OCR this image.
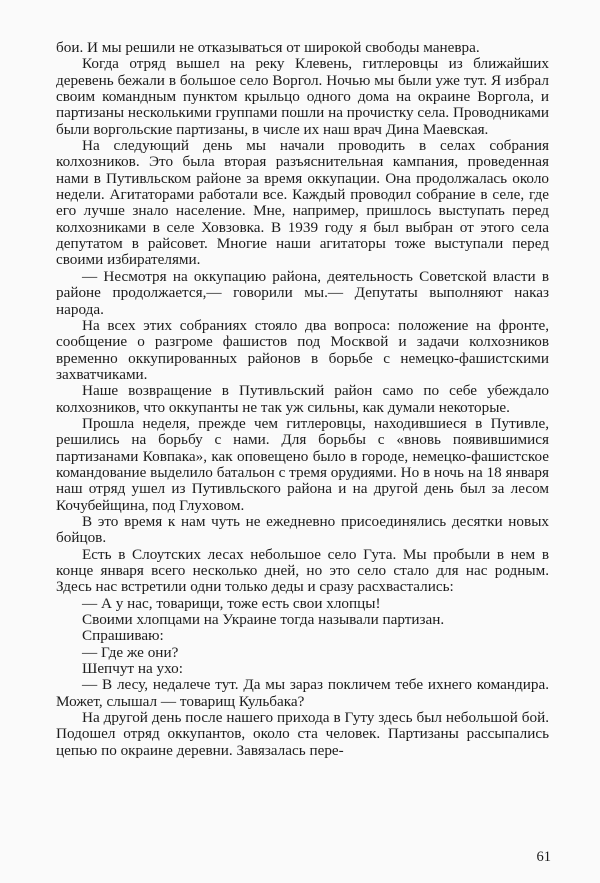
бои. И мы решили не отказываться от широкой свободы маневра.

Когда отряд вышел на реку Клевень, гитлеровцы из ближайших деревень бежали в большое село Воргол. Ночью мы были уже тут. Я избрал своим командным пунктом крыльцо одного дома на окраине Воргола, и партизаны несколькими группами пошли на прочистку села. Проводниками были воргольские партизаны, в числе их наш врач Дина Маевская.

На следующий день мы начали проводить в селах собрания колхозников. Это была вторая разъяснительная кампания, проведенная нами в Путивльском районе за время оккупации. Она продолжалась около недели. Агитаторами работали все. Каждый проводил собрание в селе, где его лучше знало население. Мне, например, пришлось выступать перед колхозниками в селе Ховзовка. В 1939 году я был выбран от этого села депутатом в райсовет. Многие наши агитаторы тоже выступали перед своими избирателями.

— Несмотря на оккупацию района, деятельность Советской власти в районе продолжается,— говорили мы.— Депутаты выполняют наказ народа.

На всех этих собраниях стояло два вопроса: положение на фронте, сообщение о разгроме фашистов под Москвой и задачи колхозников временно оккупированных районов в борьбе с немецко-фашистскими захватчиками.

Наше возвращение в Путивльский район само по себе убеждало колхозников, что оккупанты не так уж сильны, как думали некоторые.

Прошла неделя, прежде чем гитлеровцы, находившиеся в Путивле, решились на борьбу с нами. Для борьбы с «вновь появившимися партизанами Ковпака», как оповещено было в городе, немецко-фашистское командование выделило батальон с тремя орудиями. Но в ночь на 18 января наш отряд ушел из Путивльского района и на другой день был за лесом Кочубейщина, под Глуховом.

В это время к нам чуть не ежедневно присоединялись десятки новых бойцов.

Есть в Слоутских лесах небольшое село Гута. Мы пробыли в нем в конце января всего несколько дней, но это село стало для нас родным. Здесь нас встретили одни только деды и сразу расхвастались:

— А у нас, товарищи, тоже есть свои хлопцы!

Своими хлопцами на Украине тогда называли партизан.

Спрашиваю:

— Где же они?

Шепчут на ухо:

— В лесу, недалече тут. Да мы зараз покличем тебе ихнего командира. Может, слышал — товарищ Кульбака?

На другой день после нашего прихода в Гуту здесь был небольшой бой. Подошел отряд оккупантов, около ста человек. Партизаны рассыпались цепью по окраине деревни. Завязалась пере-

61
